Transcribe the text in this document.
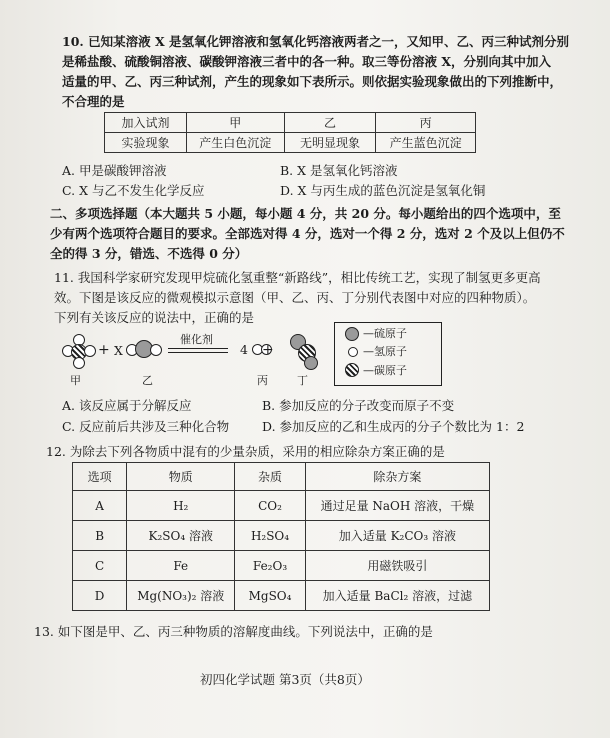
10. 已知某溶液 X 是氢氧化钾溶液和氢氧化钙溶液两者之一，又知甲、乙、丙三种试剂分别
是稀盐酸、硫酸铜溶液、碳酸钾溶液三者中的各一种。取三等份溶液 X，分别向其中加入
适量的甲、乙、丙三种试剂，产生的现象如下表所示。则依据实验现象做出的下列推断中，
不合理的是
加入试剂	甲	乙	丙
实验现象	产生白色沉淀	无明显现象	产生蓝色沉淀
A. 甲是碳酸钾溶液	B. X 是氢氧化钙溶液
C. X 与乙不发生化学反应	D. X 与丙生成的蓝色沉淀是氢氧化铜
二、多项选择题（本大题共 5 小题，每小题 4 分，共 20 分。每小题给出的四个选项中，至
少有两个选项符合题目的要求。全部选对得 4 分，选对一个得 2 分，选对 2 个及以上但仍不
全的得 3 分，错选、不选得 0 分）
11. 我国科学家研究发现甲烷硫化氢重整“新路线”，相比传统工艺，实现了制氢更多更高
效。下图是该反应的微观模拟示意图（甲、乙、丙、丁分别代表图中对应的四种物质）。
下列有关该反应的说法中，正确的是
+ X
催化剂
4 +
甲	乙	丙	丁
—硫原子
—氢原子
—碳原子
A. 该反应属于分解反应	B. 参加反应的分子改变而原子不变
C. 反应前后共涉及三种化合物	D. 参加反应的乙和生成丙的分子个数比为 1：2
12. 为除去下列各物质中混有的少量杂质，采用的相应除杂方案正确的是
选项	物质	杂质	除杂方案
A	H₂	CO₂	通过足量 NaOH 溶液，干燥
B	K₂SO₄ 溶液	H₂SO₄	加入适量 K₂CO₃ 溶液
C	Fe	Fe₂O₃	用磁铁吸引
D	Mg(NO₃)₂ 溶液	MgSO₄	加入适量 BaCl₂ 溶液，过滤
13. 如下图是甲、乙、丙三种物质的溶解度曲线。下列说法中，正确的是
初四化学试题 第3页（共8页）
